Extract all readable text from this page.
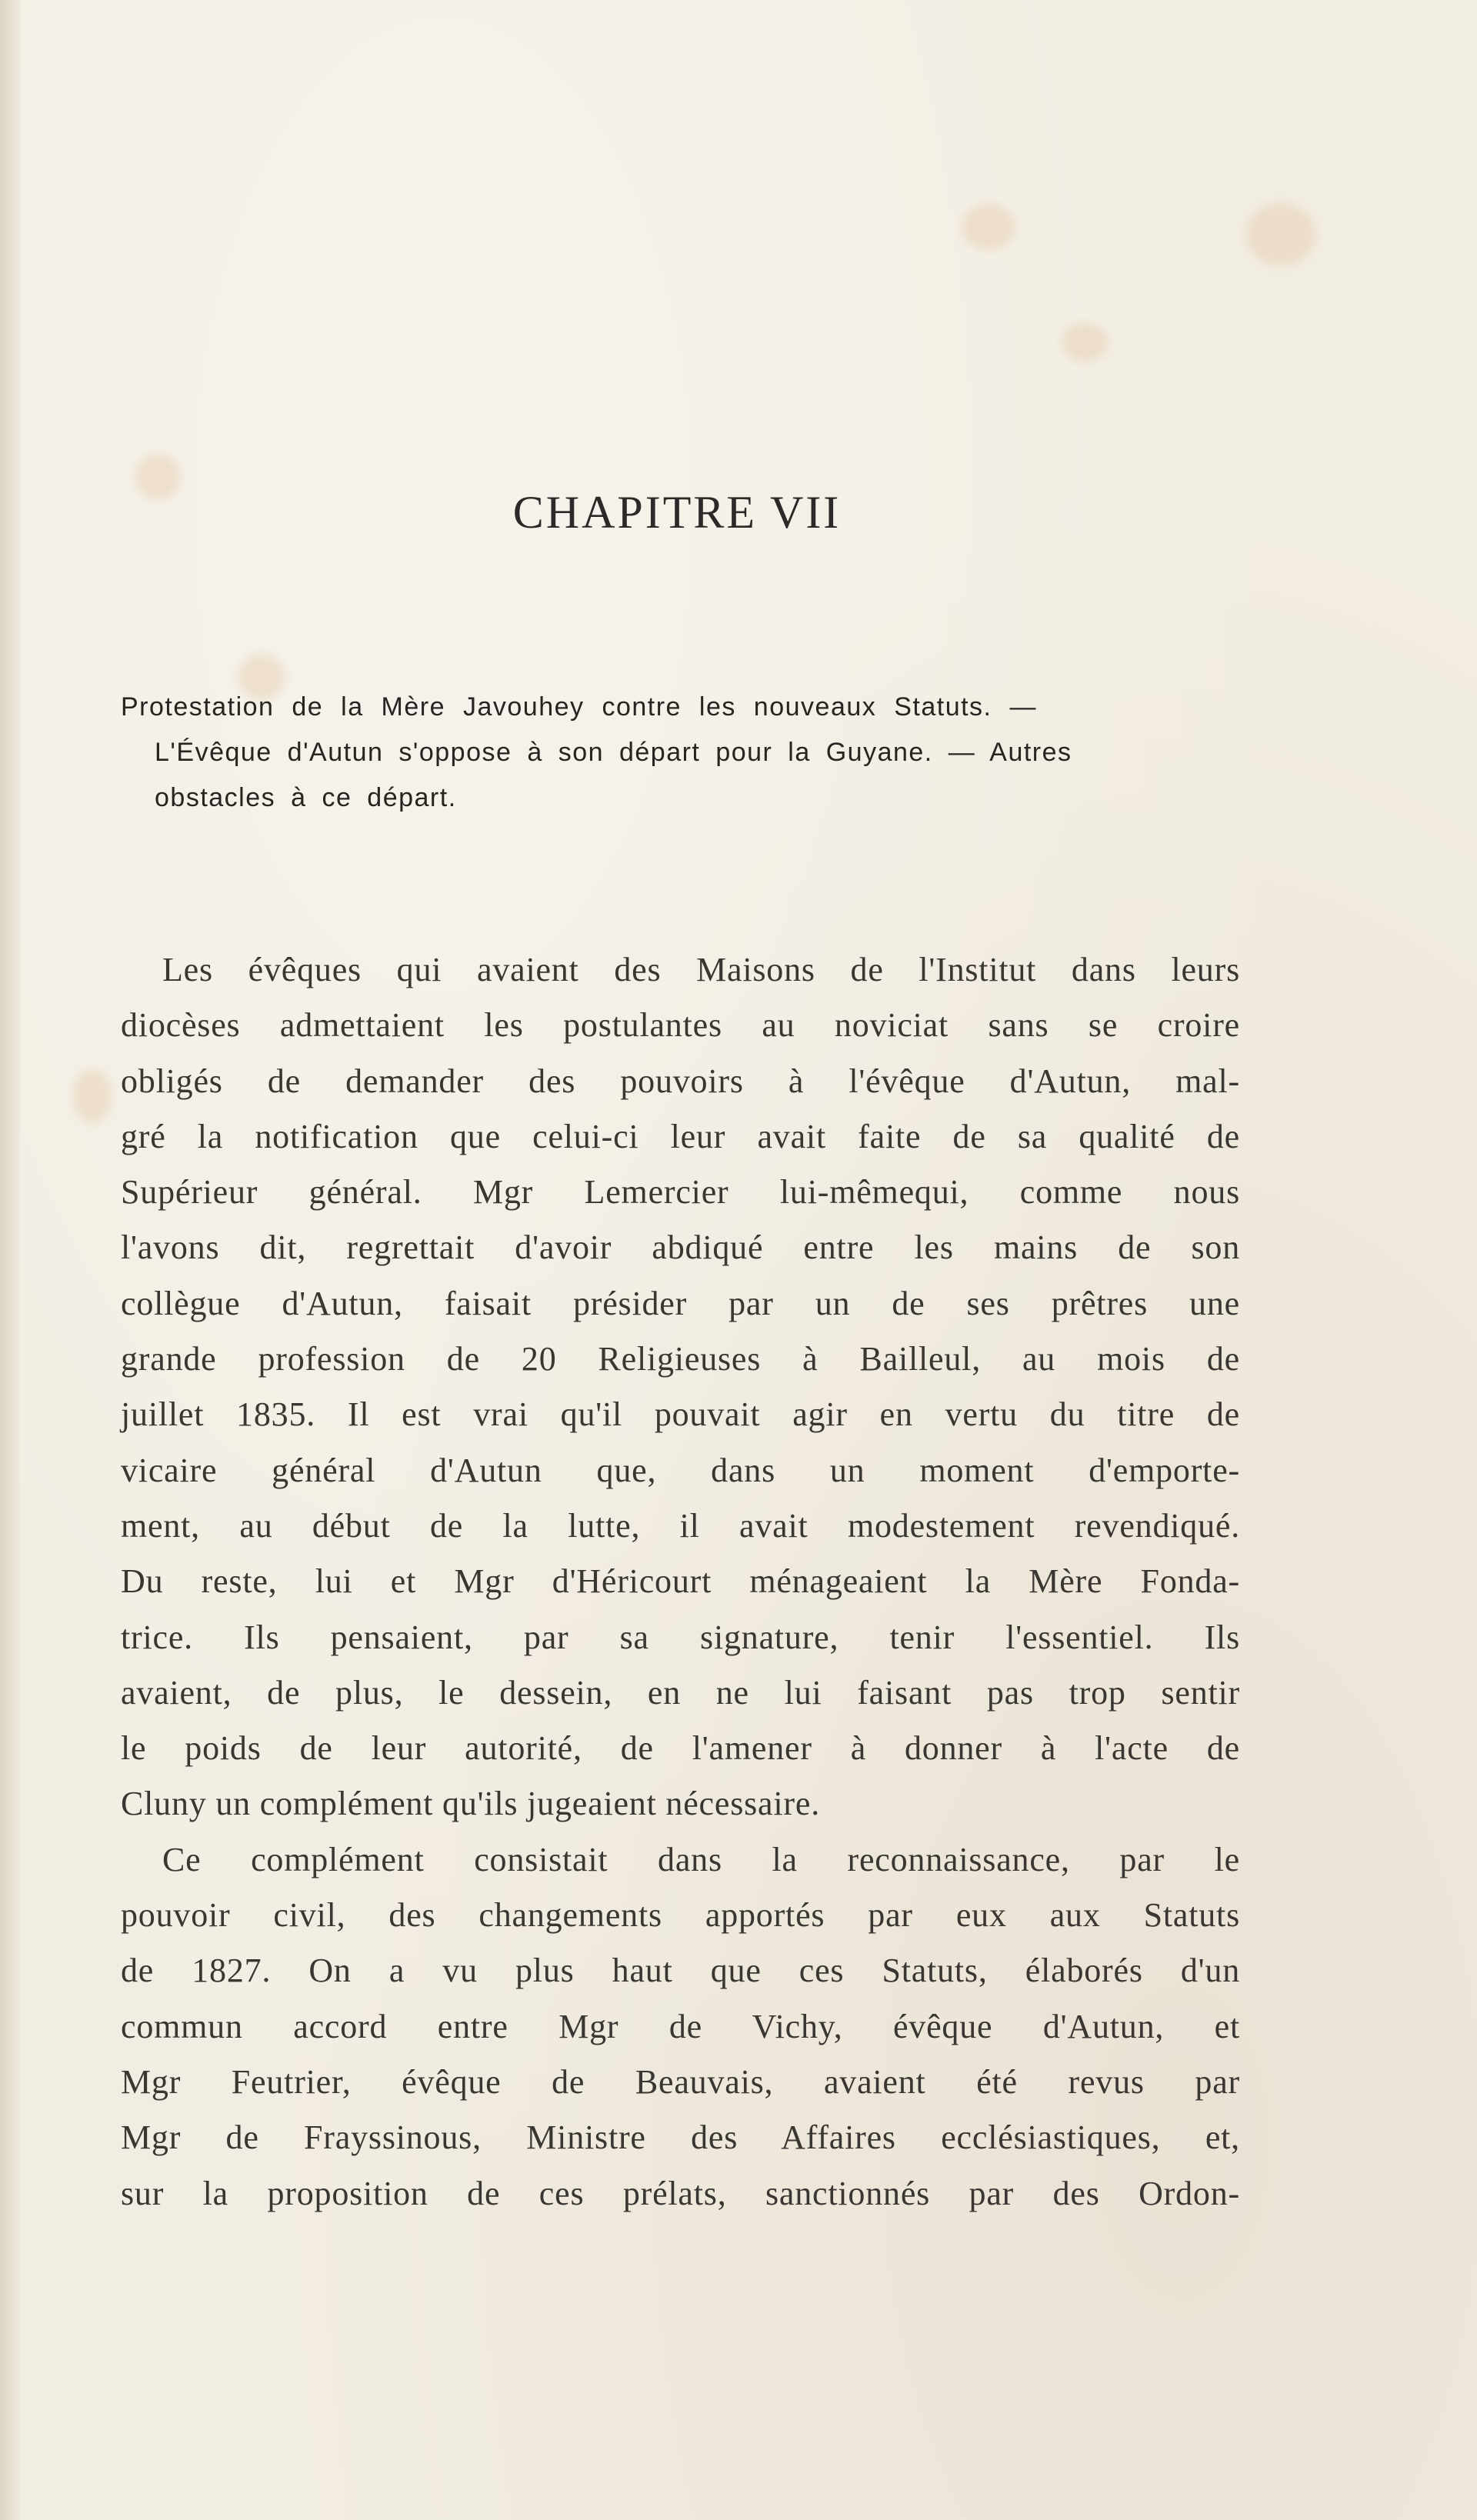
CHAPITRE VII
Protestation de la Mère Javouhey contre les nouveaux Statuts. —
L'Évêque d'Autun s'oppose à son départ pour la Guyane. — Autres
obstacles à ce départ.
Les évêques qui avaient des Maisons de l'Institut dans leurs
diocèses admettaient les postulantes au noviciat sans se croire
obligés de demander des pouvoirs à l'évêque d'Autun, mal-
gré la notification que celui-ci leur avait faite de sa qualité de
Supérieur général. Mgr Lemercier lui-mêmequi, comme nous
l'avons dit, regrettait d'avoir abdiqué entre les mains de son
collègue d'Autun, faisait présider par un de ses prêtres une
grande profession de 20 Religieuses à Bailleul, au mois de
juillet 1835. Il est vrai qu'il pouvait agir en vertu du titre de
vicaire général d'Autun que, dans un moment d'emporte-
ment, au début de la lutte, il avait modestement revendiqué.
Du reste, lui et Mgr d'Héricourt ménageaient la Mère Fonda-
trice. Ils pensaient, par sa signature, tenir l'essentiel. Ils
avaient, de plus, le dessein, en ne lui faisant pas trop sentir
le poids de leur autorité, de l'amener à donner à l'acte de
Cluny un complément qu'ils jugeaient nécessaire.
Ce complément consistait dans la reconnaissance, par le
pouvoir civil, des changements apportés par eux aux Statuts
de 1827. On a vu plus haut que ces Statuts, élaborés d'un
commun accord entre Mgr de Vichy, évêque d'Autun, et
Mgr Feutrier, évêque de Beauvais, avaient été revus par
Mgr de Frayssinous, Ministre des Affaires ecclésiastiques, et,
sur la proposition de ces prélats, sanctionnés par des Ordon-
